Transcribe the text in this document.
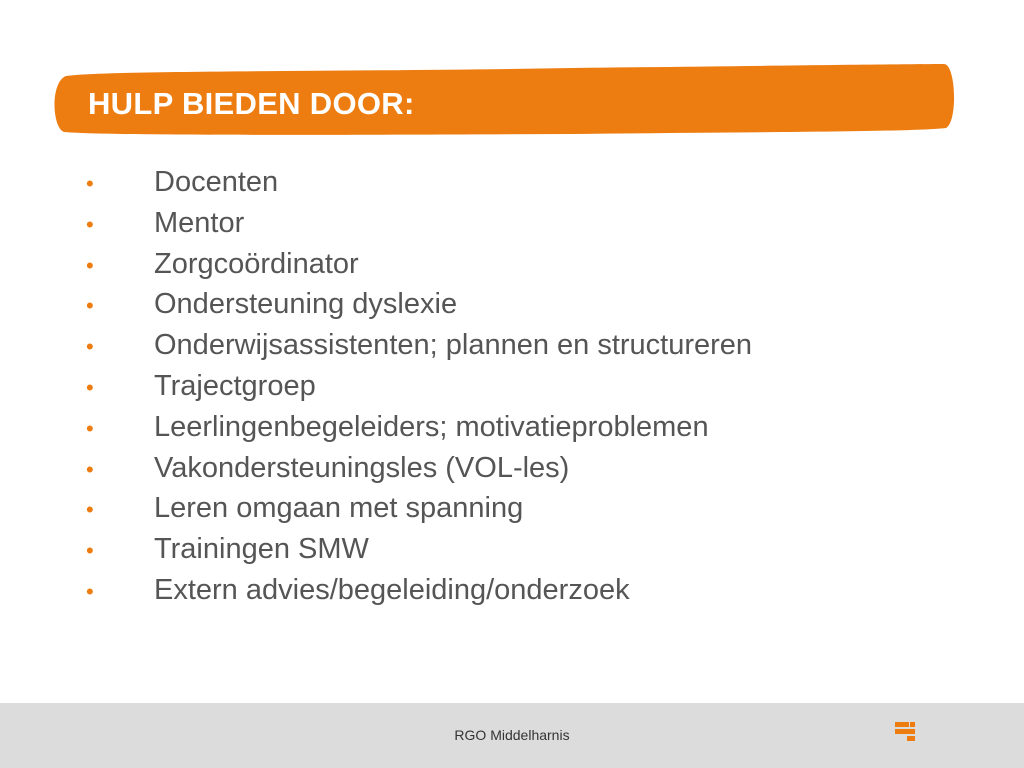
HULP BIEDEN DOOR:
•	Docenten
•	Mentor
•	Zorgcoördinator
•	Ondersteuning dyslexie
•	Onderwijsassistenten; plannen en structureren
•	Trajectgroep
•	Leerlingenbegeleiders; motivatieproblemen
•	Vakondersteuningsles (VOL-les)
•	Leren omgaan met spanning
•	Trainingen SMW
•	Extern advies/begeleiding/onderzoek
RGO Middelharnis
